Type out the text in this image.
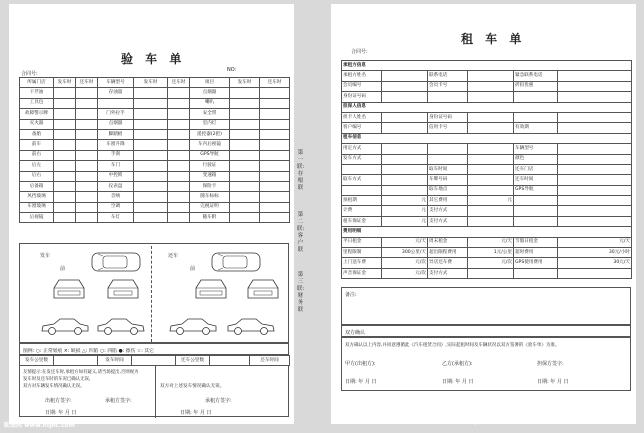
验 车 单
合同号:
NO:
所属门店	发车时	还车时	车辆型号	发车时	还车时	项目	发车时	还车时
干芹油			存油量			点烟器		
工具包						喇叭		
故障警示牌			门外拉手			安全带		
灭火器			点烟器			室内灯		
备胎			脚踏板			遥控器(2把)		
前车			车窗升降			车内后视镜		
前右			手刹			GPS导航		
后左			车门			行驶证		
后右			中控锁			变速箱		
后备箱			仪表盘			保险卡		
风挡玻璃			音响			随车标标		
车窗玻璃			空调			完税证明		
后视镜			车灯			随车附		
发车
前
还车
前
图例: ○: 正常划痕 ×: 缺损 △: 凹陷 ○: 四陷 ●: 擦伤 ☆: 其它
发车公里数		发车时间		还车公里数		还车时间
友情提示:在发还车时,承租方如有疑义,请当场提出,否则视为
发车时及还车时的车况已确认无误,
双方对车辆发车情况确认无误。	双方对上述发车情况确认无误。
出租方签字:	承租方签字:	承租方签字:
日期: 年 月 日	日期: 年 月 日
第一联:存根联
第二联:客户联
第三联:财务联
租 车 单
合同号:
承租方信息					
承租方姓名		联系电话		紧急联系电话	
会员编号		会员卡号		折扣优惠	
身份证号码					
担保人信息					
担卡人姓名		身份证号码			
客户编号		信用卡号		有效期	
租车信息					
用定方式				车辆型号	
发车方式				颜色	
		取车时间		还车门店	
取车方式		车牌号码		还车时间	
		取车地点		GPS导航	
预租期	元	其它费用	元		
计费	元	支付方式			
租车保证金	元	支付方式			
费用明细					
平日租金	元/天	周末租金	元/天	节假日租金	元/天
里程限制	300公里/天	超出限程费用	1元/公里	超时费用	30元/小时
上门送车费	元/次	异店还车费	元/次	GPS使用费用	30元/天
声音保证金	元/次	支付方式			
备注:
双方确认
双方确认以上内容,并同意遵循此《汽车租赁合同》,实际起租时间及车辆状况以双方签署的《验车单》为准。
甲方(出租方):	乙方(承租方):	担保方签字:
日期: 年 月 日	日期: 年 月 日	日期: 年 月 日
昵图网 www.nipic.com	By:OPP No.20120919150713037076
